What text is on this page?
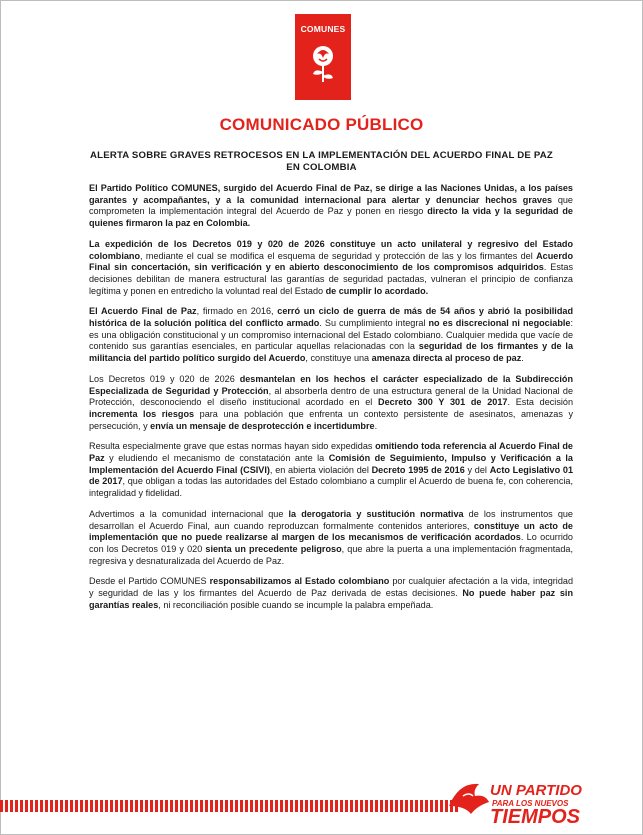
COMUNES
COMUNICADO PÚBLICO
ALERTA SOBRE GRAVES RETROCESOS EN LA IMPLEMENTACIÓN DEL ACUERDO FINAL DE PAZ EN COLOMBIA

El Partido Político COMUNES, surgido del Acuerdo Final de Paz, se dirige a las Naciones Unidas, a los países garantes y acompañantes, y a la comunidad internacional para alertar y denunciar hechos graves que comprometen la implementación integral del Acuerdo de Paz y ponen en riesgo directo la vida y la seguridad de quienes firmaron la paz en Colombia.

La expedición de los Decretos 019 y 020 de 2026 constituye un acto unilateral y regresivo del Estado colombiano, mediante el cual se modifica el esquema de seguridad y protección de las y los firmantes del Acuerdo Final sin concertación, sin verificación y en abierto desconocimiento de los compromisos adquiridos. Estas decisiones debilitan de manera estructural las garantías de seguridad pactadas, vulneran el principio de confianza legítima y ponen en entredicho la voluntad real del Estado de cumplir lo acordado.

El Acuerdo Final de Paz, firmado en 2016, cerró un ciclo de guerra de más de 54 años y abrió la posibilidad histórica de la solución política del conflicto armado. Su cumplimiento integral no es discrecional ni negociable: es una obligación constitucional y un compromiso internacional del Estado colombiano. Cualquier medida que vacíe de contenido sus garantías esenciales, en particular aquellas relacionadas con la seguridad de los firmantes y de la militancia del partido político surgido del Acuerdo, constituye una amenaza directa al proceso de paz.

Los Decretos 019 y 020 de 2026 desmantelan en los hechos el carácter especializado de la Subdirección Especializada de Seguridad y Protección, al absorberla dentro de una estructura general de la Unidad Nacional de Protección, desconociendo el diseño institucional acordado en el Decreto 300 Y 301 de 2017. Esta decisión incrementa los riesgos para una población que enfrenta un contexto persistente de asesinatos, amenazas y persecución, y envía un mensaje de desprotección e incertidumbre.

Resulta especialmente grave que estas normas hayan sido expedidas omitiendo toda referencia al Acuerdo Final de Paz y eludiendo el mecanismo de constatación ante la Comisión de Seguimiento, Impulso y Verificación a la Implementación del Acuerdo Final (CSIVI), en abierta violación del Decreto 1995 de 2016 y del Acto Legislativo 01 de 2017, que obligan a todas las autoridades del Estado colombiano a cumplir el Acuerdo de buena fe, con coherencia, integralidad y fidelidad.

Advertimos a la comunidad internacional que la derogatoria y sustitución normativa de los instrumentos que desarrollan el Acuerdo Final, aun cuando reproduzcan formalmente contenidos anteriores, constituye un acto de implementación que no puede realizarse al margen de los mecanismos de verificación acordados. Lo ocurrido con los Decretos 019 y 020 sienta un precedente peligroso, que abre la puerta a una implementación fragmentada, regresiva y desnaturalizada del Acuerdo de Paz.

Desde el Partido COMUNES responsabilizamos al Estado colombiano por cualquier afectación a la vida, integridad y seguridad de las y los firmantes del Acuerdo de Paz derivada de estas decisiones. No puede haber paz sin garantías reales, ni reconciliación posible cuando se incumple la palabra empeñada.

UN PARTIDO
PARA LOS NUEVOS
TIEMPOS
